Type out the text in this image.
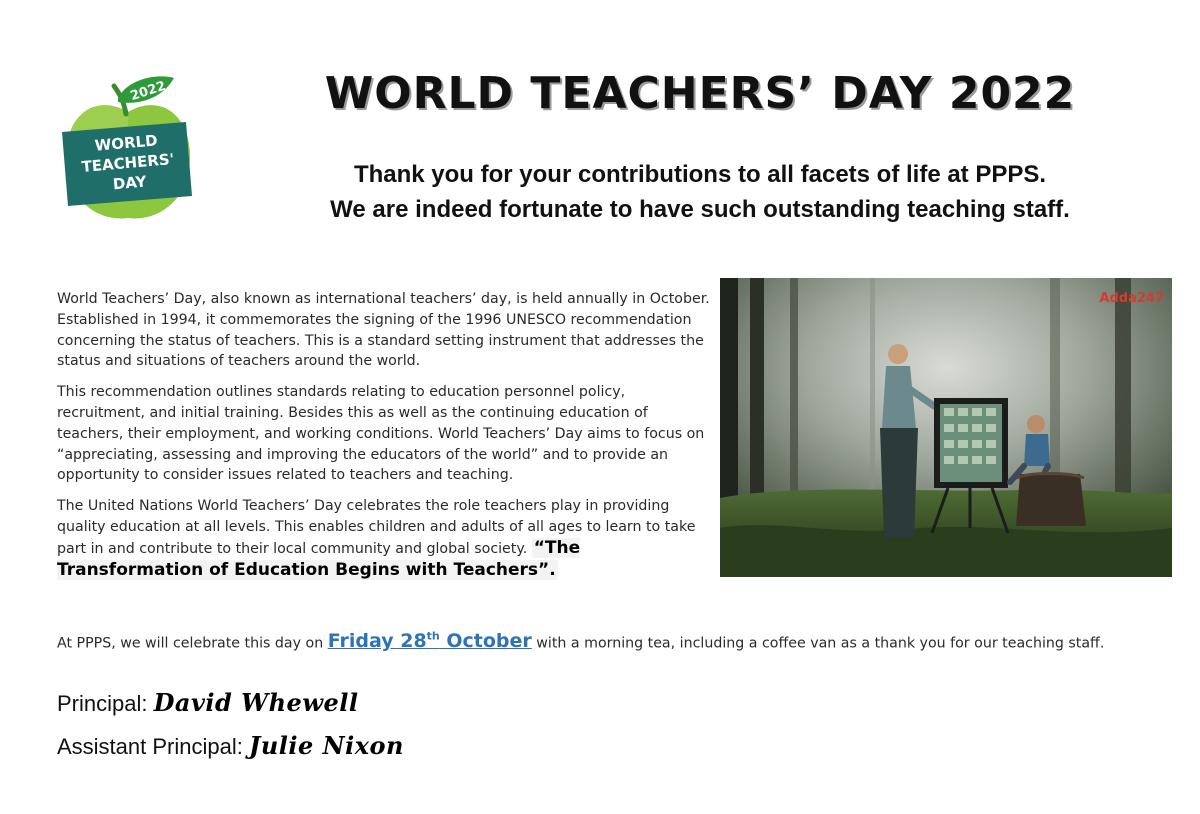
2022
WORLD
TEACHERS'
DAY
WORLD TEACHERS’ DAY 2022
Thank you for your contributions to all facets of life at PPPS.
We are indeed fortunate to have such outstanding teaching staff.

World Teachers’ Day, also known as international teachers’ day, is held annually in October. Established in 1994, it commemorates the signing of the 1996 UNESCO recommendation concerning the status of teachers. This is a standard setting instrument that addresses the status and situations of teachers around the world.

This recommendation outlines standards relating to education personnel policy, recruitment, and initial training. Besides this as well as the continuing education of teachers, their employment, and working conditions. World Teachers’ Day aims to focus on “appreciating, assessing and improving the educators of the world” and to provide an opportunity to consider issues related to teachers and teaching.

The United Nations World Teachers’ Day celebrates the role teachers play in providing quality education at all levels. This enables children and adults of all ages to learn to take part in and contribute to their local community and global society. “The Transformation of Education Begins with Teachers”.

Adda247
At PPPS, we will celebrate this day on Friday 28th October with a morning tea, including a coffee van as a thank you for our teaching staff.
Principal: David Whewell
Assistant Principal: Julie Nixon
